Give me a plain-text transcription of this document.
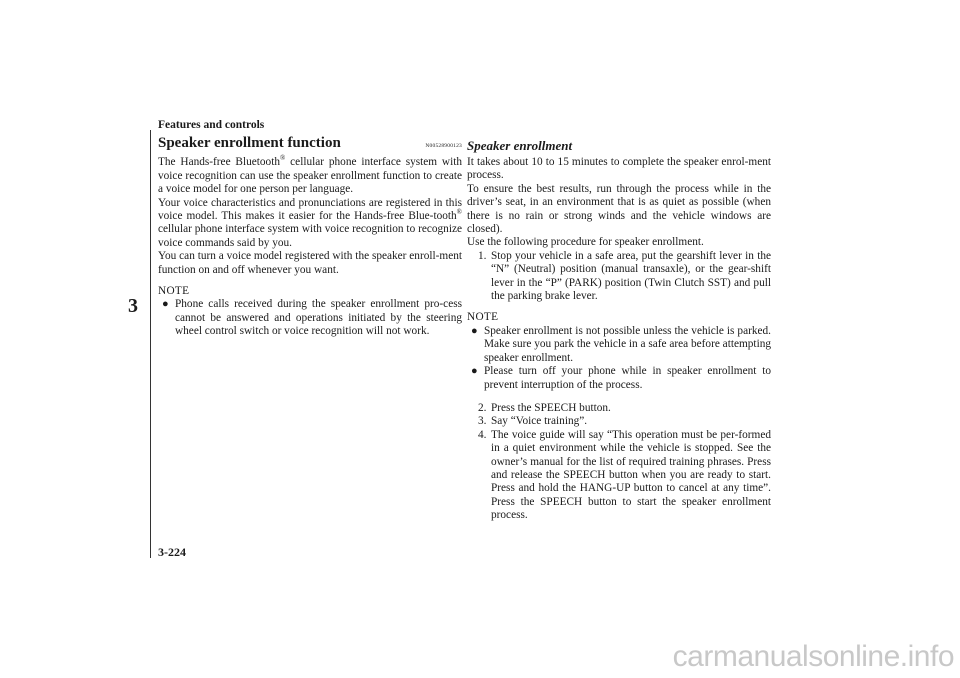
Features and controls
3
Speaker enrollment function	N00528900123

The Hands-free Bluetooth® cellular phone interface system with voice recognition can use the speaker enrollment function to create a voice model for one person per language.

Your voice characteristics and pronunciations are registered in this voice model. This makes it easier for the Hands-free Blue-tooth® cellular phone interface system with voice recognition to recognize voice commands said by you.

You can turn a voice model registered with the speaker enroll-ment function on and off whenever you want.

NOTE
● Phone calls received during the speaker enrollment pro-cess cannot be answered and operations initiated by the steering wheel control switch or voice recognition will not work.
Speaker enrollment

It takes about 10 to 15 minutes to complete the speaker enrol-ment process.

To ensure the best results, run through the process while in the driver’s seat, in an environment that is as quiet as possible (when there is no rain or strong winds and the vehicle windows are closed).

Use the following procedure for speaker enrollment.

1. Stop your vehicle in a safe area, put the gearshift lever in the “N” (Neutral) position (manual transaxle), or the gear-shift lever in the “P” (PARK) position (Twin Clutch SST) and pull the parking brake lever.
NOTE
● Speaker enrollment is not possible unless the vehicle is parked. Make sure you park the vehicle in a safe area before attempting speaker enrollment.
● Please turn off your phone while in speaker enrollment to prevent interruption of the process.
2. Press the SPEECH button.
3. Say “Voice training”.
4. The voice guide will say “This operation must be per-formed in a quiet environment while the vehicle is stopped. See the owner’s manual for the list of required training phrases. Press and release the SPEECH button when you are ready to start. Press and hold the HANG-UP button to cancel at any time”. Press the SPEECH button to start the speaker enrollment process.
3-224
carmanualsonline.info
